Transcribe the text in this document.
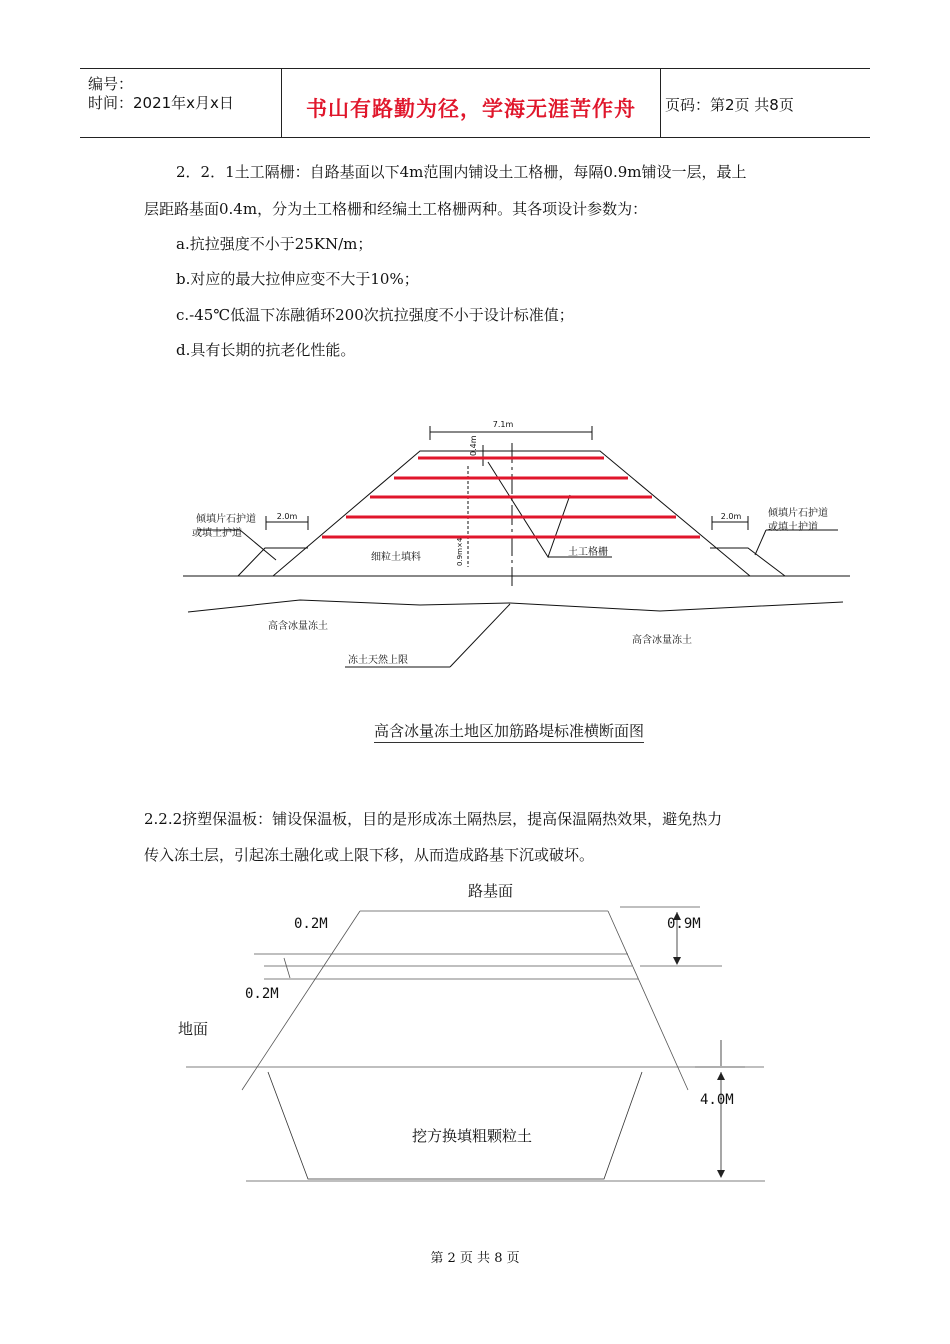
编号：
时间：2021年x月x日	书山有路勤为径，学海无涯苦作舟	页码：第2页 共8页
2．2．1土工隔栅：自路基面以下4m范围内铺设土工格栅，每隔0.9m铺设一层，最上
层距路基面0.4m，分为土工格栅和经编土工格栅两种。其各项设计参数为：
a.抗拉强度不小于25KN/m；
b.对应的最大拉伸应变不大于10%；
c.-45℃低温下冻融循环200次抗拉强度不小于设计标准值；
d.具有长期的抗老化性能。
7.1m
0.4m
0.9m×4
2.0m	2.0m
倾填片石护道
或填土护道
倾填片石护道
或填土护道
细粒土填料	土工格栅
高含冰量冻土
高含冰量冻土
冻土天然上限
高含冰量冻土地区加筋路堤标准横断面图
2.2.2挤塑保温板：铺设保温板，目的是形成冻土隔热层，提高保温隔热效果，避免热力
传入冻土层，引起冻土融化或上限下移，从而造成路基下沉或破坏。
路基面
0.2M
0.2M
0.9M
地面
4.0M
挖方换填粗颗粒土
第 2 页 共 8 页
